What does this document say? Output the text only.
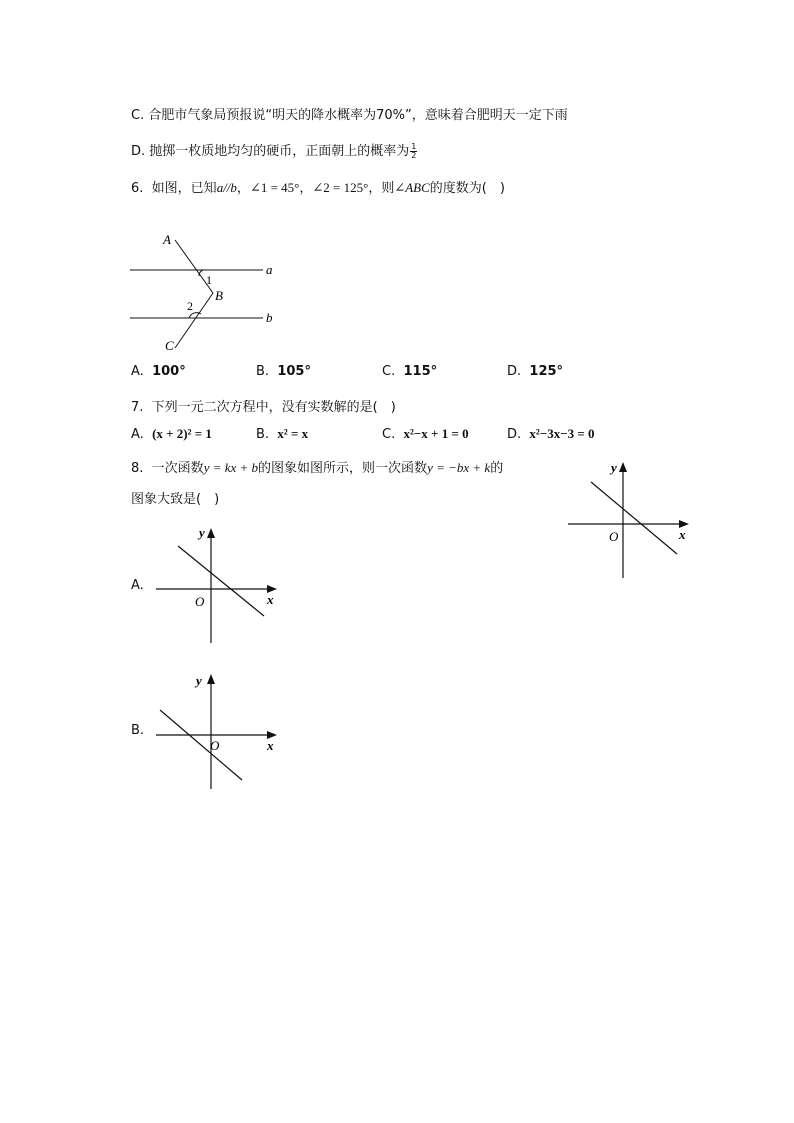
C. 合肥市气象局预报说“明天的降水概率为70%”，意味着合肥明天一定下雨
D. 抛掷一枚质地均匀的硬币，正面朝上的概率为 $\frac{1}{2}$
6. 如图，已知a//b，∠1 = 45°，∠2 = 125°，则∠ABC的度数为(　)
A
B
C
a
b
1
2
A. 100°	B. 105°	C. 115°	D. 125°
7. 下列一元二次方程中，没有实数解的是(　)
A. (x + 2)² = 1	B. x² = x	C. x²−x + 1 = 0	D. x²−3x−3 = 0
8. 一次函数y = kx + b的图象如图所示，则一次函数y = −bx + k的
图象大致是(　)
x
y
O
A.
x
y
O
B.
x
y
O
